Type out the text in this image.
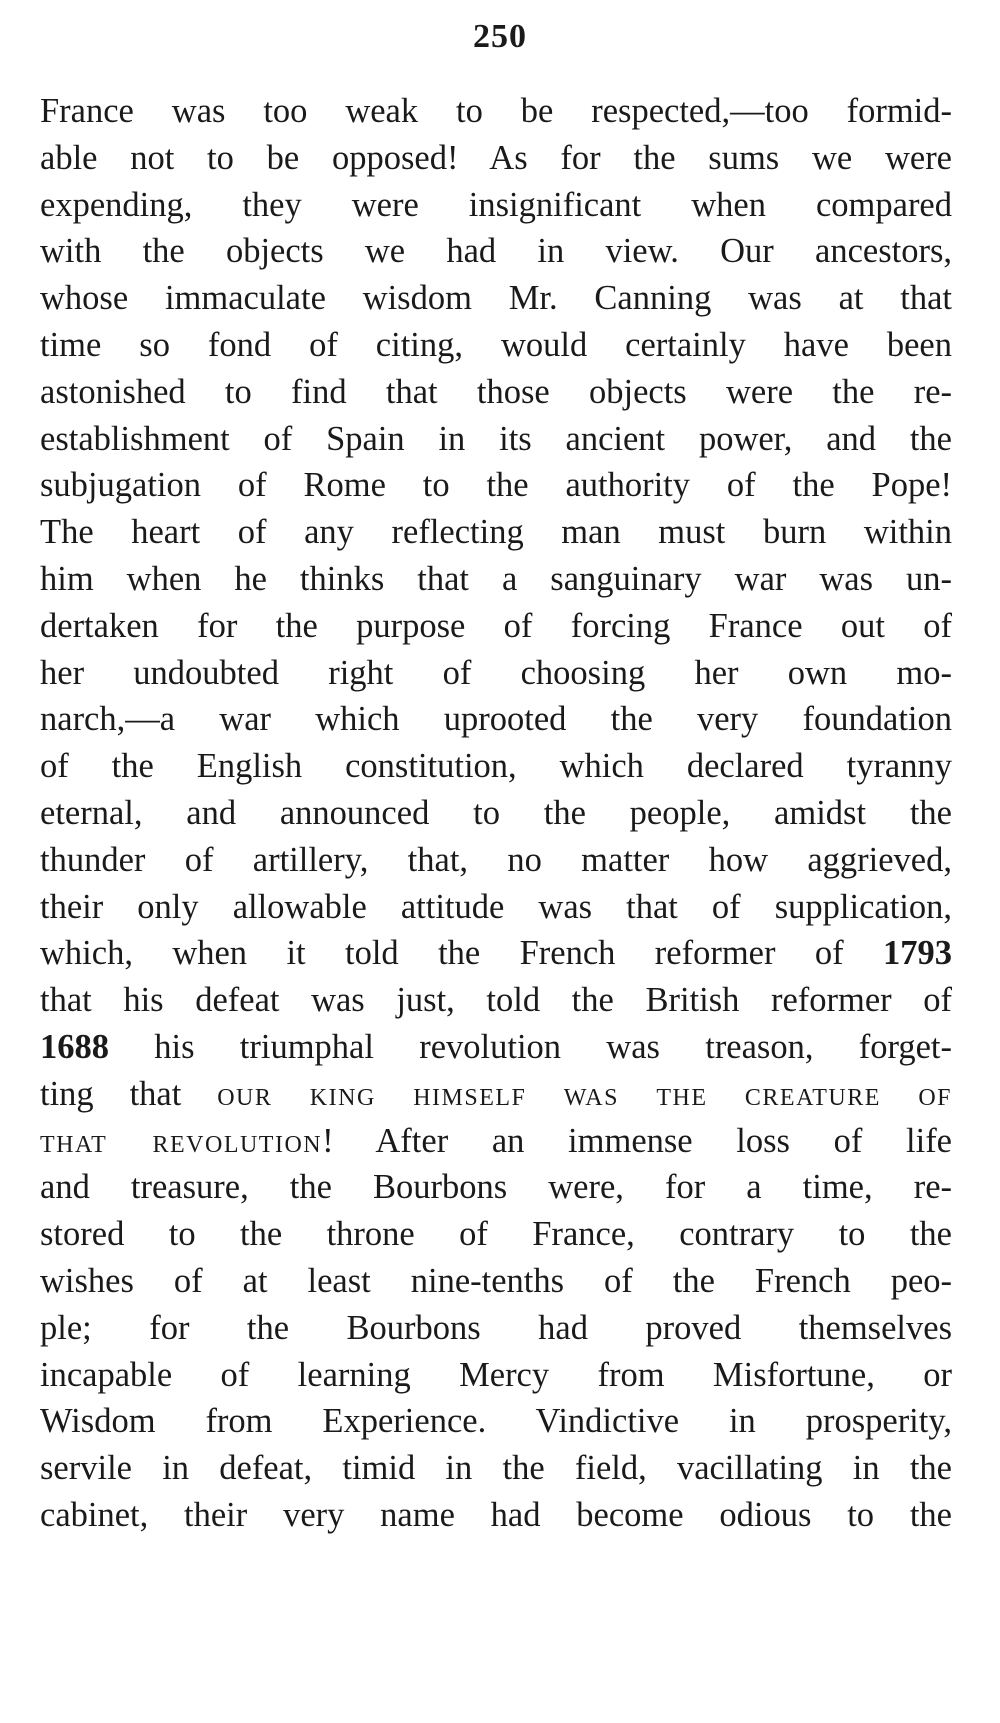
250
France was too weak to be respected,—too formid-
able not to be opposed! As for the sums we were
expending, they were insignificant when compared
with the objects we had in view. Our ancestors,
whose immaculate wisdom Mr. Canning was at that
time so fond of citing, would certainly have been
astonished to find that those objects were the re-
establishment of Spain in its ancient power, and the
subjugation of Rome to the authority of the Pope!
The heart of any reflecting man must burn within
him when he thinks that a sanguinary war was un-
dertaken for the purpose of forcing France out of
her undoubted right of choosing her own mo-
narch,—a war which uprooted the very foundation
of the English constitution, which declared tyranny
eternal, and announced to the people, amidst the
thunder of artillery, that, no matter how aggrieved,
their only allowable attitude was that of supplication,
which, when it told the French reformer of 1793
that his defeat was just, told the British reformer of
1688 his triumphal revolution was treason, forget-
ting that our king himself was the creature of
that revolution! After an immense loss of life
and treasure, the Bourbons were, for a time, re-
stored to the throne of France, contrary to the
wishes of at least nine-tenths of the French peo-
ple; for the Bourbons had proved themselves
incapable of learning Mercy from Misfortune, or
Wisdom from Experience. Vindictive in prosperity,
servile in defeat, timid in the field, vacillating in the
cabinet, their very name had become odious to the
